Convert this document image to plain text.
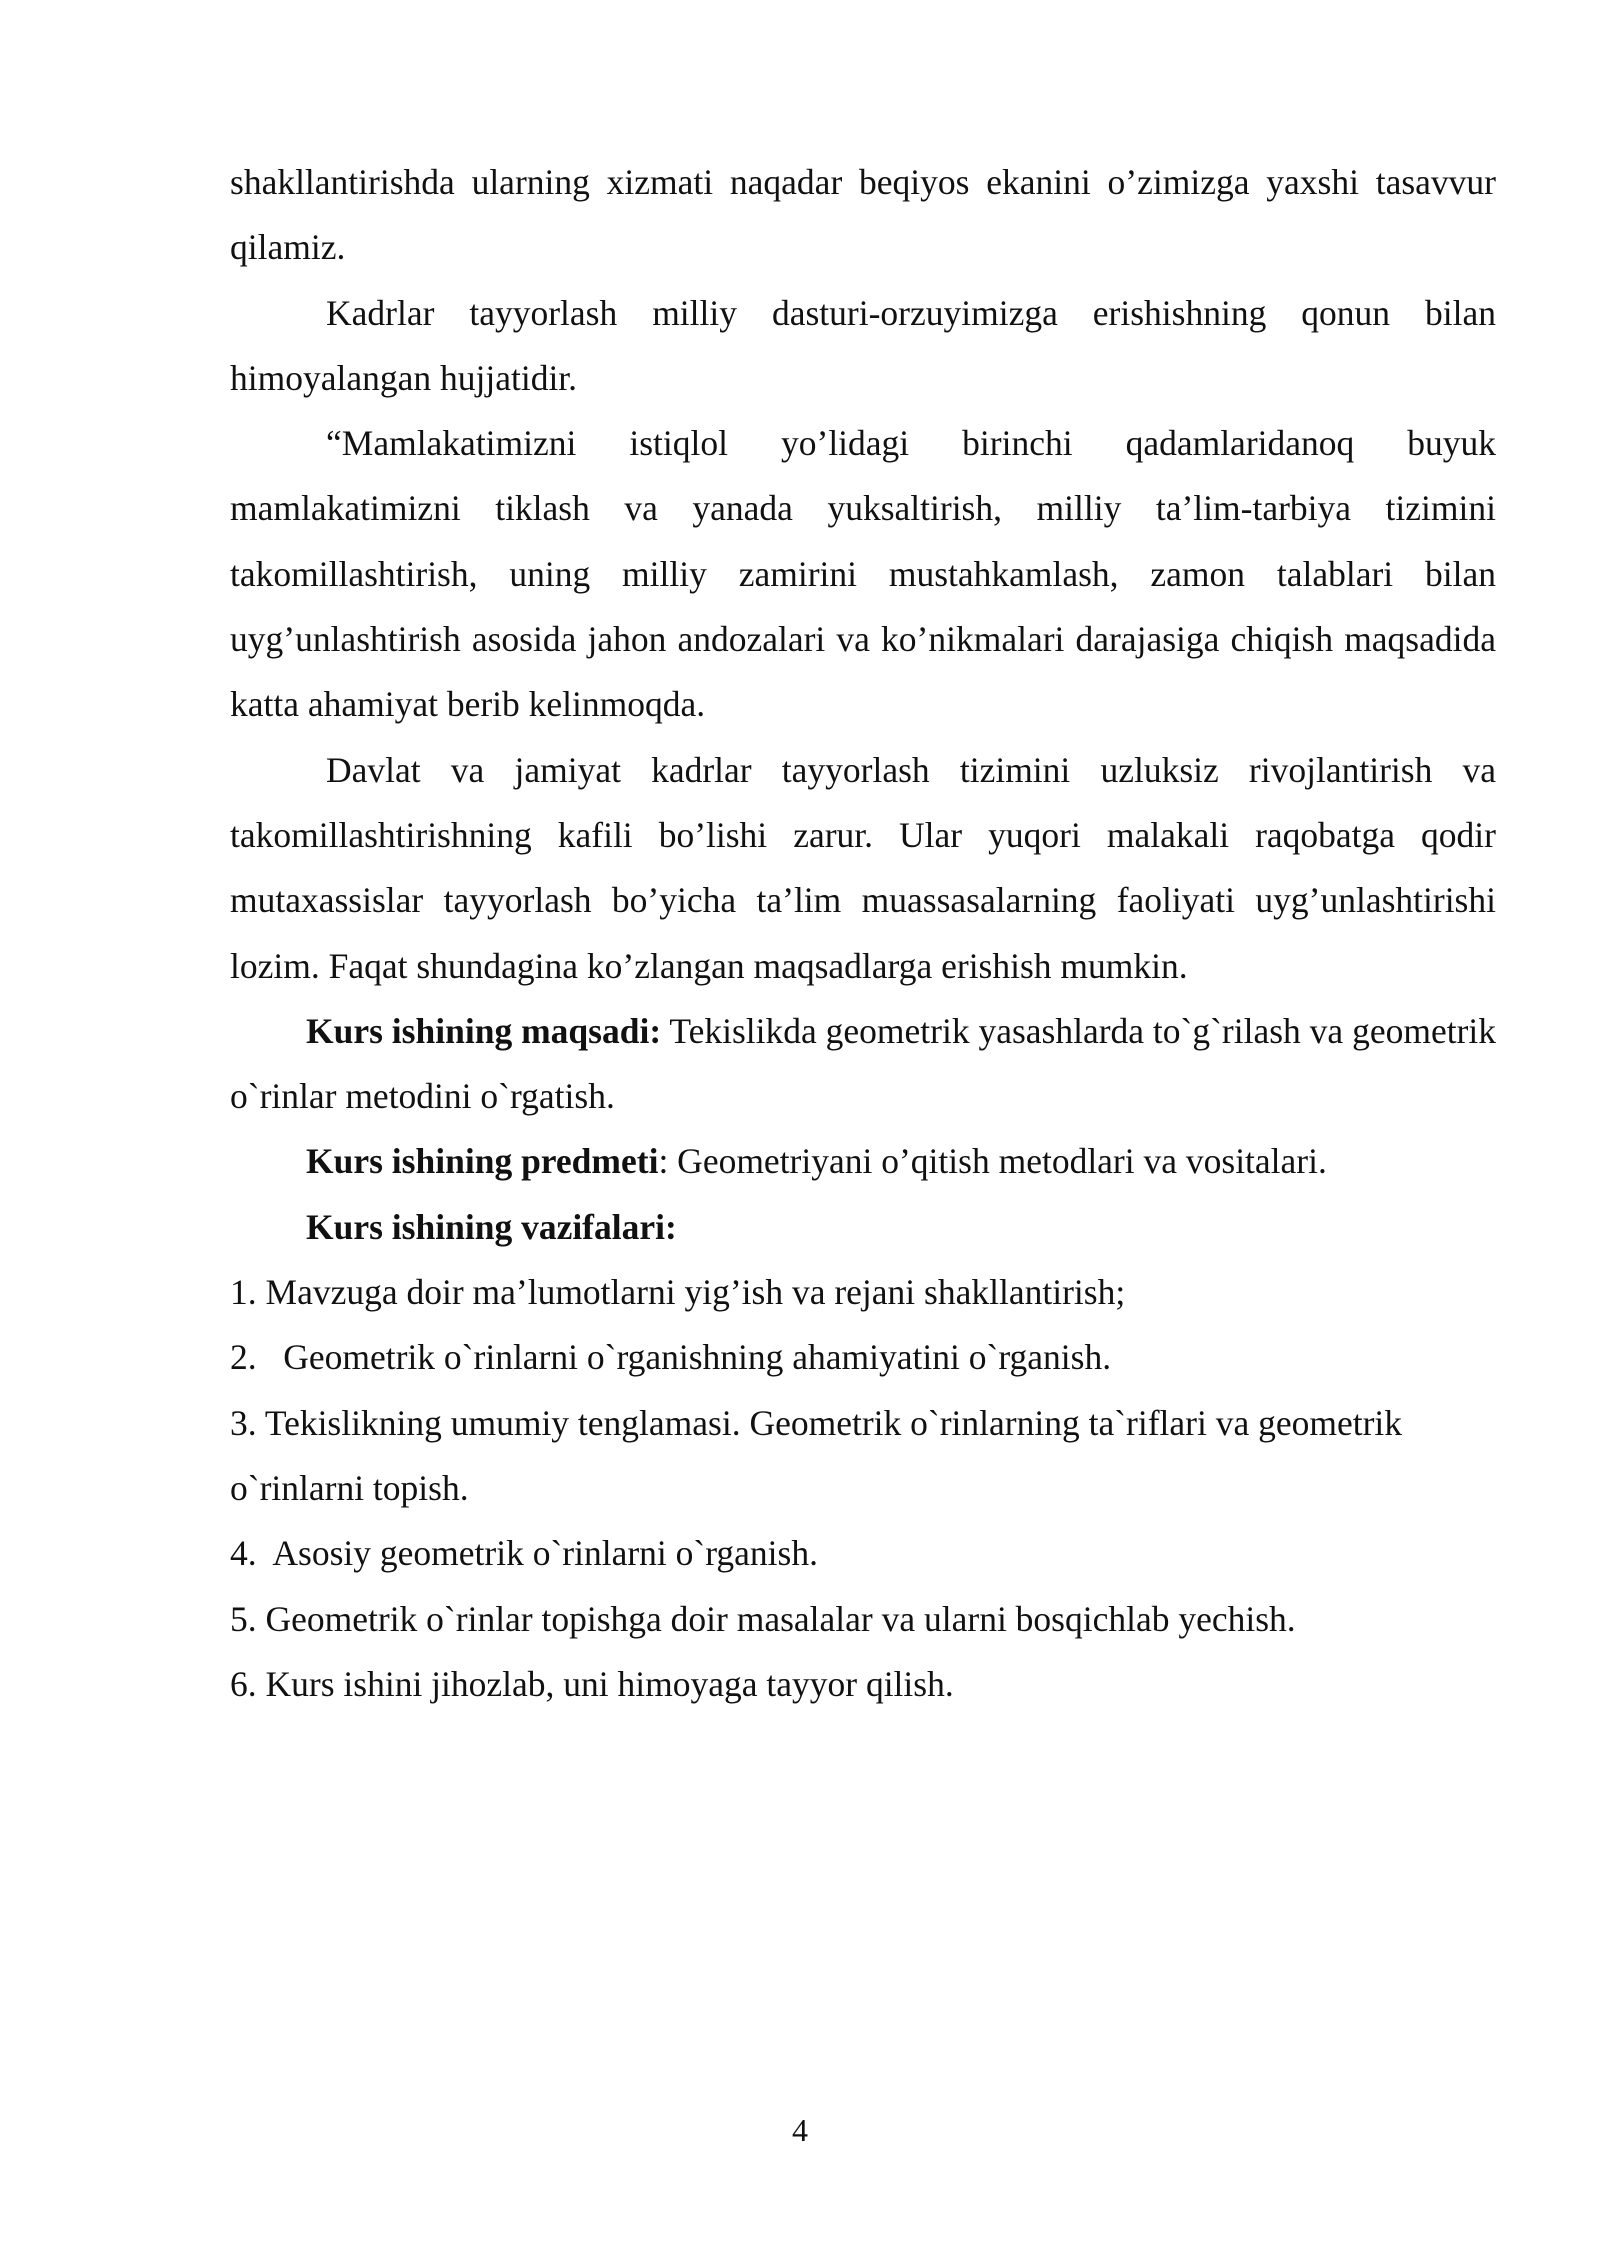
shakllantirishda ularning xizmati naqadar beqiyos ekanini o’zimizga yaxshi tasavvur qilamiz.

Kadrlar tayyorlash milliy dasturi-orzuyimizga erishishning qonun bilan himoyalangan hujjatidir.

“Mamlakatimizni istiqlol yo’lidagi birinchi qadamlaridanoq buyuk mamlakatimizni tiklash va yanada yuksaltirish, milliy ta’lim-tarbiya tizimini takomillashtirish, uning milliy zamirini mustahkamlash, zamon talablari bilan uyg’unlashtirish asosida jahon andozalari va ko’nikmalari darajasiga chiqish maqsadida katta ahamiyat berib kelinmoqda.

Davlat va jamiyat kadrlar tayyorlash tizimini uzluksiz rivojlantirish va takomillashtirishning kafili bo’lishi zarur. Ular yuqori malakali raqobatga qodir mutaxassislar tayyorlash bo’yicha ta’lim muassasalarning faoliyati uyg’unlashtirishi lozim. Faqat shundagina ko’zlangan maqsadlarga erishish mumkin.

Kurs ishining maqsadi: Tekislikda geometrik yasashlarda to`g`rilash va geometrik o`rinlar metodini o`rgatish.

Kurs ishining predmeti: Geometriyani o’qitish metodlari va vositalari.

Kurs ishining vazifalari:

1. Mavzuga doir ma’lumotlarni yig’ish va rejani shakllantirish;

2.   Geometrik o`rinlarni o`rganishning ahamiyatini o`rganish.

3. Tekislikning umumiy tenglamasi. Geometrik o`rinlarning ta`riflari va geometrik o`rinlarni topish.

4.  Asosiy geometrik o`rinlarni o`rganish.

5. Geometrik o`rinlar topishga doir masalalar va ularni bosqichlab yechish.

6. Kurs ishini jihozlab, uni himoyaga tayyor qilish.

4
